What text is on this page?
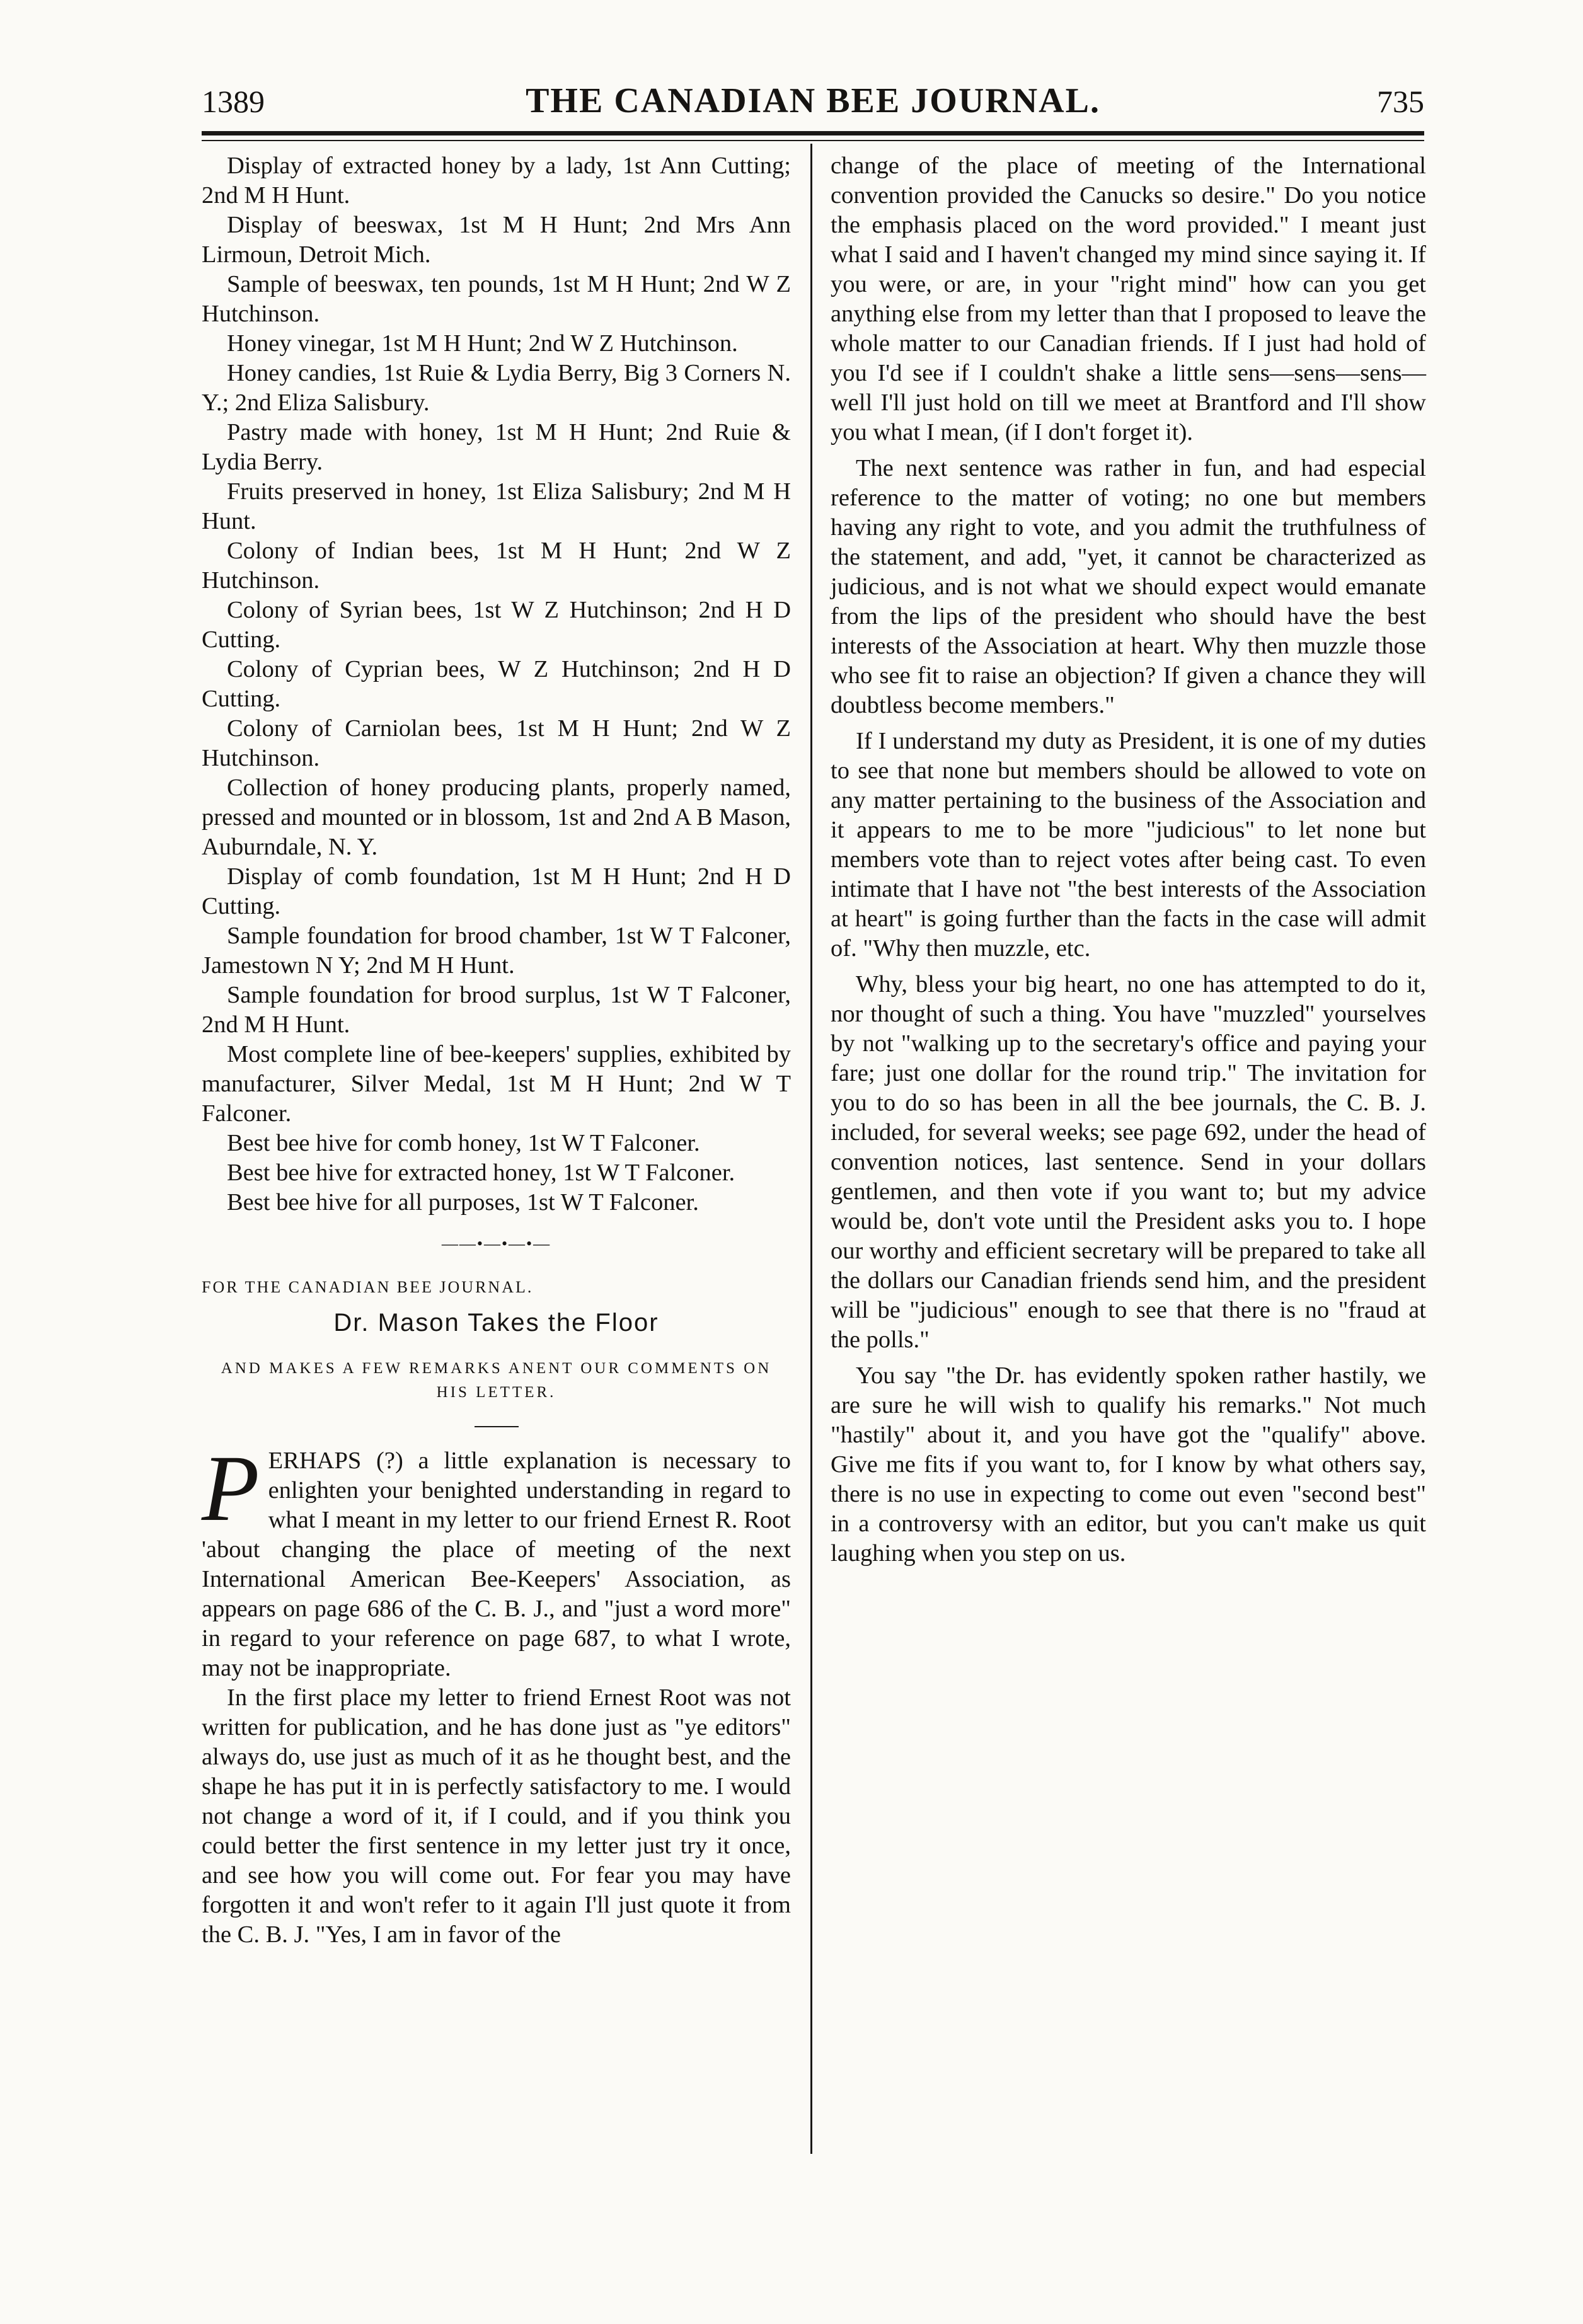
1389	THE CANADIAN BEE JOURNAL.	735

Display of extracted honey by a lady, 1st Ann Cutting; 2nd M H Hunt.

Display of beeswax, 1st M H Hunt; 2nd Mrs Ann Lirmoun, Detroit Mich.

Sample of beeswax, ten pounds, 1st M H Hunt; 2nd W Z Hutchinson.

Honey vinegar, 1st M H Hunt; 2nd W Z Hutchinson.

Honey candies, 1st Ruie & Lydia Berry, Big 3 Corners N. Y.; 2nd Eliza Salisbury.

Pastry made with honey, 1st M H Hunt; 2nd Ruie & Lydia Berry.

Fruits preserved in honey, 1st Eliza Salisbury; 2nd M H Hunt.

Colony of Indian bees, 1st M H Hunt; 2nd W Z Hutchinson.

Colony of Syrian bees, 1st W Z Hutchinson; 2nd H D Cutting.

Colony of Cyprian bees, W Z Hutchinson; 2nd H D Cutting.

Colony of Carniolan bees, 1st M H Hunt; 2nd W Z Hutchinson.

Collection of honey producing plants, properly named, pressed and mounted or in blossom, 1st and 2nd A B Mason, Auburndale, N. Y.

Display of comb foundation, 1st M H Hunt; 2nd H D Cutting.

Sample foundation for brood chamber, 1st W T Falconer, Jamestown N Y; 2nd M H Hunt.

Sample foundation for brood surplus, 1st W T Falconer, 2nd M H Hunt.

Most complete line of bee-keepers' supplies, exhibited by manufacturer, Silver Medal, 1st M H Hunt; 2nd W T Falconer.

Best bee hive for comb honey, 1st W T Falconer.

Best bee hive for extracted honey, 1st W T Falconer.

Best bee hive for all purposes, 1st W T Falconer.

——•—•—•—
FOR THE CANADIAN BEE JOURNAL.
Dr. Mason Takes the Floor
AND MAKES A FEW REMARKS ANENT OUR COMMENTS ON HIS LETTER.

PERHAPS (?) a little explanation is necessary to enlighten your benighted understanding in regard to what I meant in my letter to our friend Ernest R. Root 'about changing the place of meeting of the next International American Bee-Keepers' Association, as appears on page 686 of the C. B. J., and "just a word more" in regard to your reference on page 687, to what I wrote, may not be inappropriate.

In the first place my letter to friend Ernest Root was not written for publication, and he has done just as "ye editors" always do, use just as much of it as he thought best, and the shape he has put it in is perfectly satisfactory to me. I would not change a word of it, if I could, and if you think you could better the first sentence in my letter just try it once, and see how you will come out. For fear you may have forgotten it and won't refer to it again I'll just quote it from the C. B. J. "Yes, I am in favor of the

change of the place of meeting of the International convention provided the Canucks so desire." Do you notice the emphasis placed on the word provided." I meant just what I said and I haven't changed my mind since saying it. If you were, or are, in your "right mind" how can you get anything else from my letter than that I proposed to leave the whole matter to our Canadian friends. If I just had hold of you I'd see if I couldn't shake a little sens—sens—sens—well I'll just hold on till we meet at Brantford and I'll show you what I mean, (if I don't forget it).

The next sentence was rather in fun, and had especial reference to the matter of voting; no one but members having any right to vote, and you admit the truthfulness of the statement, and add, "yet, it cannot be characterized as judicious, and is not what we should expect would emanate from the lips of the president who should have the best interests of the Association at heart. Why then muzzle those who see fit to raise an objection? If given a chance they will doubtless become members."

If I understand my duty as President, it is one of my duties to see that none but members should be allowed to vote on any matter pertaining to the business of the Association and it appears to me to be more "judicious" to let none but members vote than to reject votes after being cast. To even intimate that I have not "the best interests of the Association at heart" is going further than the facts in the case will admit of. "Why then muzzle, etc.

Why, bless your big heart, no one has attempted to do it, nor thought of such a thing. You have "muzzled" yourselves by not "walking up to the secretary's office and paying your fare; just one dollar for the round trip." The invitation for you to do so has been in all the bee journals, the C. B. J. included, for several weeks; see page 692, under the head of convention notices, last sentence. Send in your dollars gentlemen, and then vote if you want to; but my advice would be, don't vote until the President asks you to. I hope our worthy and efficient secretary will be prepared to take all the dollars our Canadian friends send him, and the president will be "judicious" enough to see that there is no "fraud at the polls."

You say "the Dr. has evidently spoken rather hastily, we are sure he will wish to qualify his remarks." Not much "hastily" about it, and you have got the "qualify" above. Give me fits if you want to, for I know by what others say, there is no use in expecting to come out even "second best" in a controversy with an editor, but you can't make us quit laughing when you step on us.
